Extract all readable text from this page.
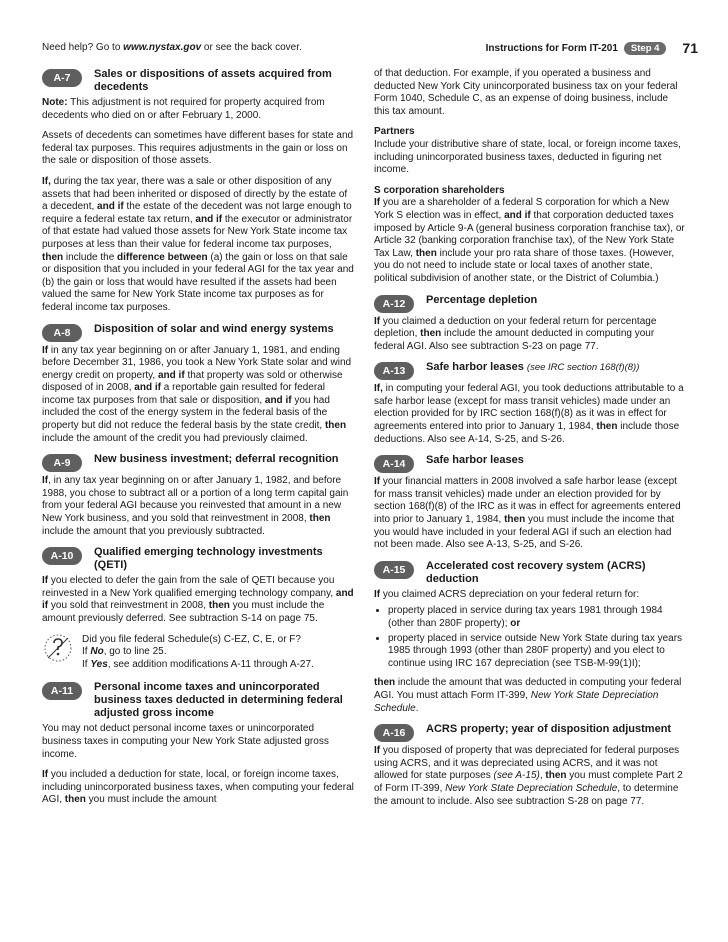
Need help? Go to www.nystax.gov or see the back cover.	Instructions for Form IT-201	Step 4	71
A-7	Sales or dispositions of assets acquired from decedents

Note: This adjustment is not required for property acquired from decedents who died on or after February 1, 2000.

Assets of decedents can sometimes have different bases for state and federal tax purposes. This requires adjustments in the gain or loss on the sale or disposition of those assets.

If, during the tax year, there was a sale or other disposition of any assets that had been inherited or disposed of directly by the estate of a decedent, and if the estate of the decedent was not large enough to require a federal estate tax return, and if the executor or administrator of that estate had valued those assets for New York State income tax purposes at less than their value for federal income tax purposes, then include the difference between (a) the gain or loss on that sale or disposition that you included in your federal AGI for the tax year and (b) the gain or loss that would have resulted if the assets had been valued the same for New York State income tax purposes as for federal income tax purposes.

A-8	Disposition of solar and wind energy systems

If in any tax year beginning on or after January 1, 1981, and ending before December 31, 1986, you took a New York State solar and wind energy credit on property, and if that property was sold or otherwise disposed of in 2008, and if a reportable gain resulted for federal income tax purposes from that sale or disposition, and if you had included the cost of the energy system in the federal basis of the property but did not reduce the federal basis by the state credit, then include the amount of the credit you had previously claimed.

A-9	New business investment; deferral recognition

If, in any tax year beginning on or after January 1, 1982, and before 1988, you chose to subtract all or a portion of a long term capital gain from your federal AGI because you reinvested that amount in a new New York business, and you sold that reinvestment in 2008, then include the amount that you previously subtracted.

A-10	Qualified emerging technology investments (QETI)

If you elected to defer the gain from the sale of QETI because you reinvested in a New York qualified emerging technology company, and if you sold that reinvestment in 2008, then you must include the amount previously deferred. See subtraction S-14 on page 75.

Did you file federal Schedule(s) C-EZ, C, E, or F?
If No, go to line 25.
If Yes, see addition modifications A-11 through A-27.
A-11	Personal income taxes and unincorporated business taxes deducted in determining federal adjusted gross income

You may not deduct personal income taxes or unincorporated business taxes in computing your New York State adjusted gross income.

If you included a deduction for state, local, or foreign income taxes, including unincorporated business taxes, when computing your federal AGI, then you must include the amount

of that deduction. For example, if you operated a business and deducted New York City unincorporated business tax on your federal Form 1040, Schedule C, as an expense of doing business, include this tax amount.

Partners

Include your distributive share of state, local, or foreign income taxes, including unincorporated business taxes, deducted in figuring net income.

S corporation shareholders

If you are a shareholder of a federal S corporation for which a New York S election was in effect, and if that corporation deducted taxes imposed by Article 9-A (general business corporation franchise tax), or Article 32 (banking corporation franchise tax), of the New York State Tax Law, then include your pro rata share of those taxes. (However, you do not need to include state or local taxes of another state, political subdivision of another state, or the District of Columbia.)

A-12	Percentage depletion

If you claimed a deduction on your federal return for percentage depletion, then include the amount deducted in computing your federal AGI. Also see subtraction S-23 on page 77.

A-13	Safe harbor leases (see IRC section 168(f)(8))

If, in computing your federal AGI, you took deductions attributable to a safe harbor lease (except for mass transit vehicles) made under an election provided for by IRC section 168(f)(8) as it was in effect for agreements entered into prior to January 1, 1984, then include those deductions. Also see A-14, S-25, and S-26.

A-14	Safe harbor leases

If your financial matters in 2008 involved a safe harbor lease (except for mass transit vehicles) made under an election provided for by section 168(f)(8) of the IRC as it was in effect for agreements entered into prior to January 1, 1984, then you must include the income that you would have included in your federal AGI if such an election had not been made. Also see A-13, S-25, and S-26.

A-15	Accelerated cost recovery system (ACRS) deduction

If you claimed ACRS depreciation on your federal return for:

• property placed in service during tax years 1981 through 1984 (other than 280F property); or
• property placed in service outside New York State during tax years 1985 through 1993 (other than 280F property) and you elect to continue using IRC 167 depreciation (see TSB-M-99(1)I);

then include the amount that was deducted in computing your federal AGI. You must attach Form IT-399, New York State Depreciation Schedule.

A-16	ACRS property; year of disposition adjustment

If you disposed of property that was depreciated for federal purposes using ACRS, and it was depreciated using ACRS, and it was not allowed for state purposes (see A-15), then you must complete Part 2 of Form IT-399, New York State Depreciation Schedule, to determine the amount to include. Also see subtraction S-28 on page 77.
